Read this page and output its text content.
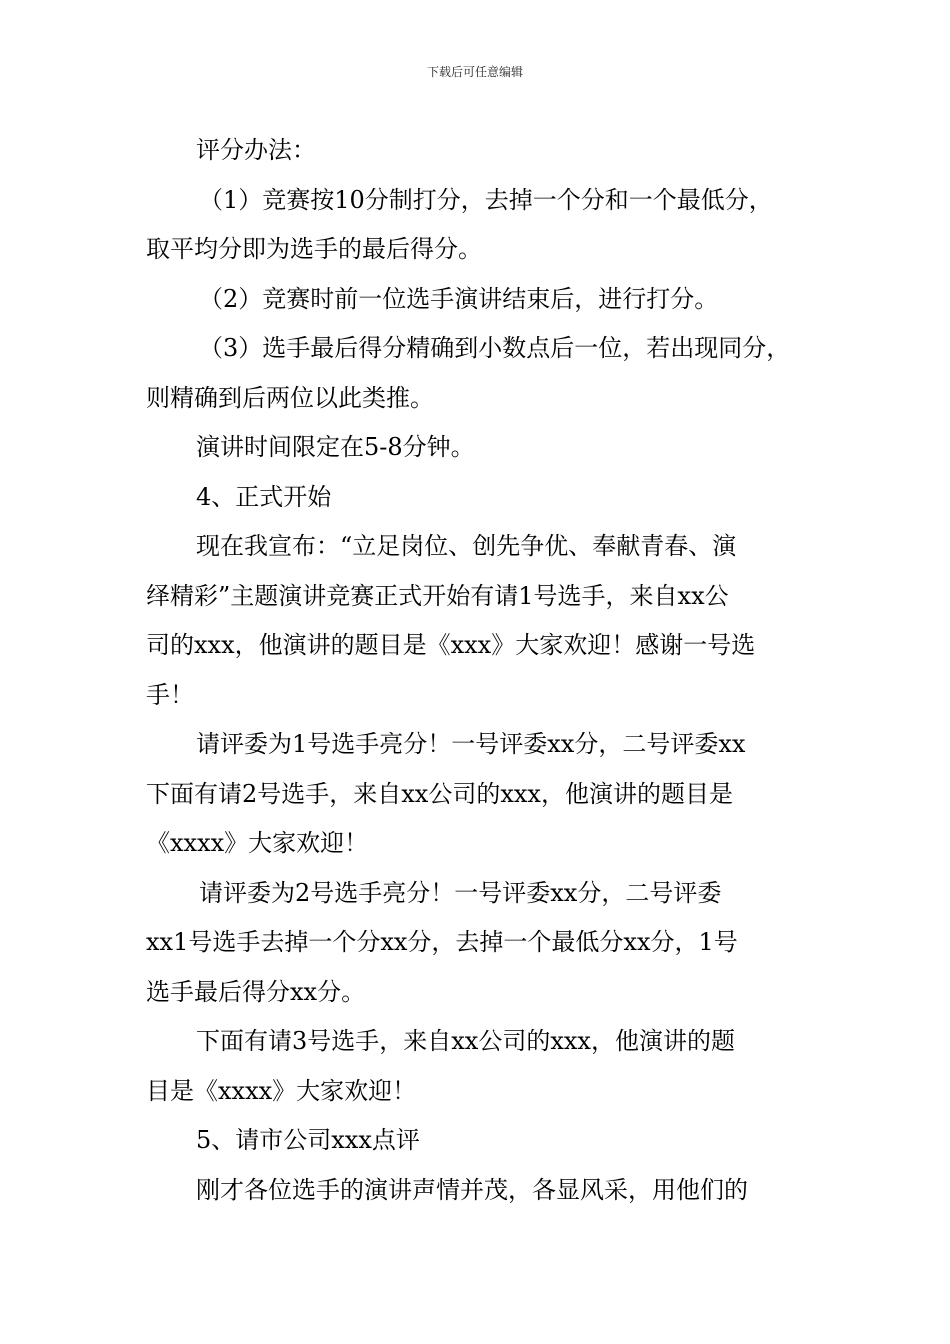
下载后可任意编辑

评分办法：

（1）竞赛按10分制打分，去掉一个分和一个最低分，

取平均分即为选手的最后得分。

（2）竞赛时前一位选手演讲结束后，进行打分。

（3）选手最后得分精确到小数点后一位，若出现同分，

则精确到后两位以此类推。

演讲时间限定在5-8分钟。

4、正式开始

现在我宣布：“立足岗位、创先争优、奉献青春、演

绎精彩”主题演讲竞赛正式开始有请1号选手，来自xx公

司的xxx，他演讲的题目是《xxx》大家欢迎！感谢一号选

手！

请评委为1号选手亮分！一号评委xx分，二号评委xx

下面有请2号选手，来自xx公司的xxx，他演讲的题目是

《xxxx》大家欢迎！

请评委为2号选手亮分！一号评委xx分，二号评委

xx1号选手去掉一个分xx分，去掉一个最低分xx分，1号

选手最后得分xx分。

下面有请3号选手，来自xx公司的xxx，他演讲的题

目是《xxxx》大家欢迎！

5、请市公司xxx点评

刚才各位选手的演讲声情并茂，各显风采，用他们的
